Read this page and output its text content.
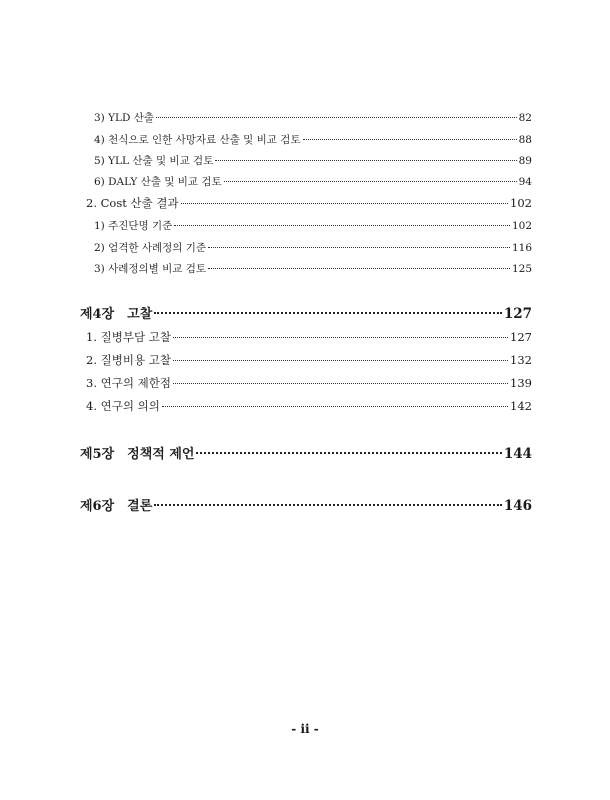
3) YLD 산출	82
4) 천식으로 인한 사망자료 산출 및 비교 검토	88
5) YLL 산출 및 비교 검토	89
6) DALY 산출 및 비교 검토	94
2. Cost 산출 결과	102
1) 주진단명 기준	102
2) 엄격한 사례정의 기준	116
3) 사례정의별 비교 검토	125
제4장　고찰	127
1. 질병부담 고찰	127
2. 질병비용 고찰	132
3. 연구의 제한점	139
4. 연구의 의의	142
제5장　정책적 제언	144
제6장　결론	146
- ii -
